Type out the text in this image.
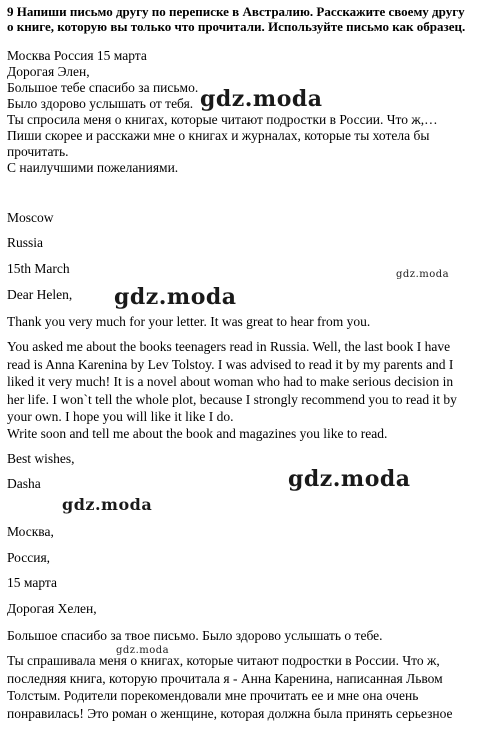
9 Напиши письмо другу по переписке в Австралию. Расскажите своему другу о книге, которую вы только что прочитали. Используйте письмо как образец.
Москва Россия 15 марта
Дорогая Элен,
Большое тебе спасибо за письмо.
Было здорово услышать от тебя.
Ты спросила меня о книгах, которые читают подростки в России. Что ж,…
Пиши скорее и расскажи мне о книгах и журналах, которые ты хотела бы
прочитать.
С наилучшими пожеланиями.
Moscow
Russia
15th March
Dear Helen,
Thank you very much for your letter. It was great to hear from you.
You asked me about the books teenagers read in Russia. Well, the last book I have read is Anna Karenina by Lev Tolstoy. I was advised to read it by my parents and I liked it very much! It is a novel about woman who had to make serious decision in her life. I won`t tell the whole plot, because I strongly recommend you to read it by your own. I hope you will like it like I do.
Write soon and tell me about the book and magazines you like to read.
Best wishes,
Dasha
Москва,
Россия,
15 марта
Дорогая Хелен,
Большое спасибо за твое письмо. Было здорово услышать о тебе.
Ты спрашивала меня о книгах, которые читают подростки в России. Что ж, последняя книга, которую прочитала я - Анна Каренина, написанная Львом Толстым. Родители порекомендовали мне прочитать ее и мне она очень понравилась! Это роман о женщине, которая должна была принять серьезное
gdz.moda
gdz.moda
gdz.moda
gdz.moda
gdz.moda
gdz.moda
